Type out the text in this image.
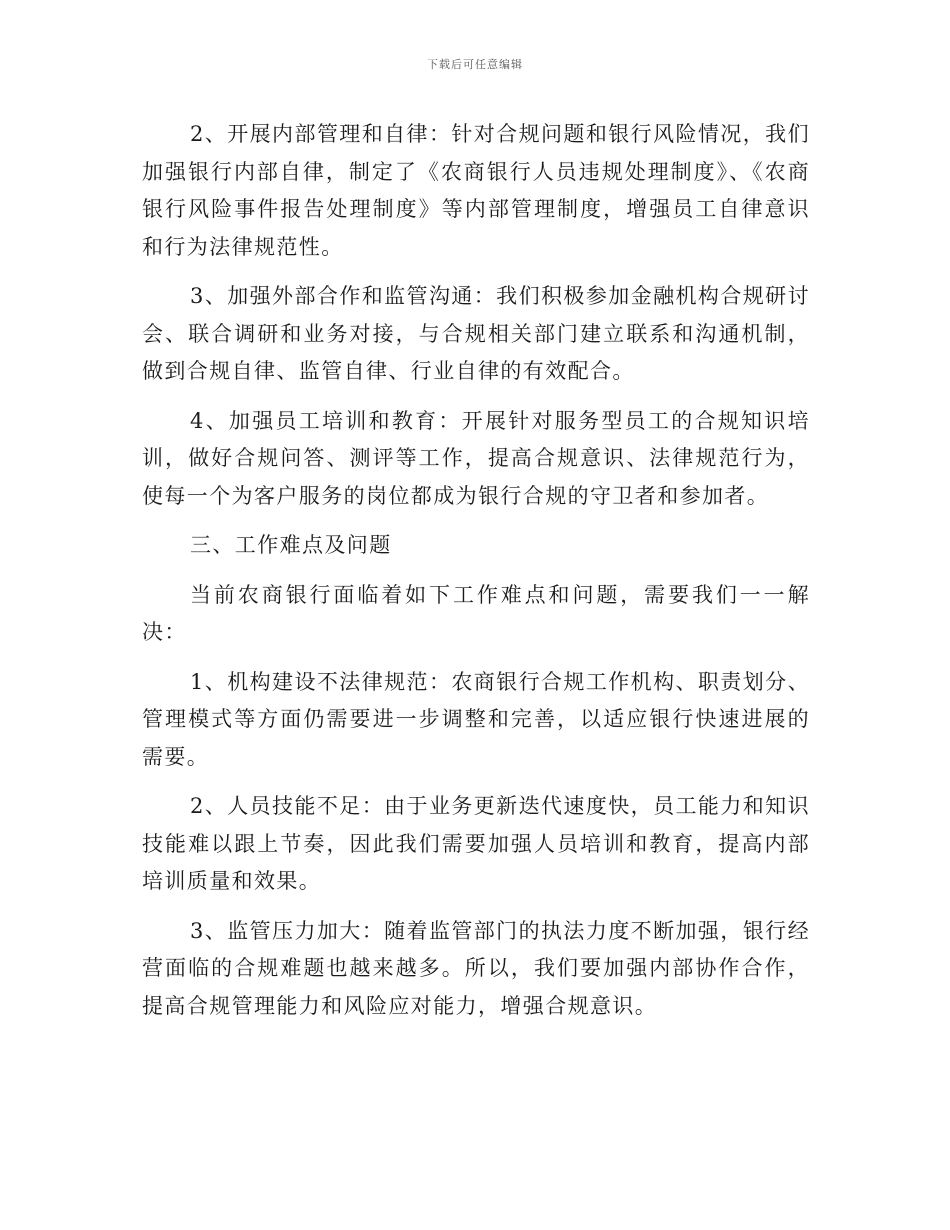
下载后可任意编辑

2、开展内部管理和自律：针对合规问题和银行风险情况，我们加强银行内部自律，制定了《农商银行人员违规处理制度》、《农商银行风险事件报告处理制度》等内部管理制度，增强员工自律意识和行为法律规范性。

3、加强外部合作和监管沟通：我们积极参加金融机构合规研讨会、联合调研和业务对接，与合规相关部门建立联系和沟通机制，做到合规自律、监管自律、行业自律的有效配合。

4、加强员工培训和教育：开展针对服务型员工的合规知识培训，做好合规问答、测评等工作，提高合规意识、法律规范行为，使每一个为客户服务的岗位都成为银行合规的守卫者和参加者。

三、工作难点及问题

当前农商银行面临着如下工作难点和问题，需要我们一一解决：

1、机构建设不法律规范：农商银行合规工作机构、职责划分、管理模式等方面仍需要进一步调整和完善，以适应银行快速进展的需要。

2、人员技能不足：由于业务更新迭代速度快，员工能力和知识技能难以跟上节奏，因此我们需要加强人员培训和教育，提高内部培训质量和效果。

3、监管压力加大：随着监管部门的执法力度不断加强，银行经营面临的合规难题也越来越多。所以，我们要加强内部协作合作，提高合规管理能力和风险应对能力，增强合规意识。
